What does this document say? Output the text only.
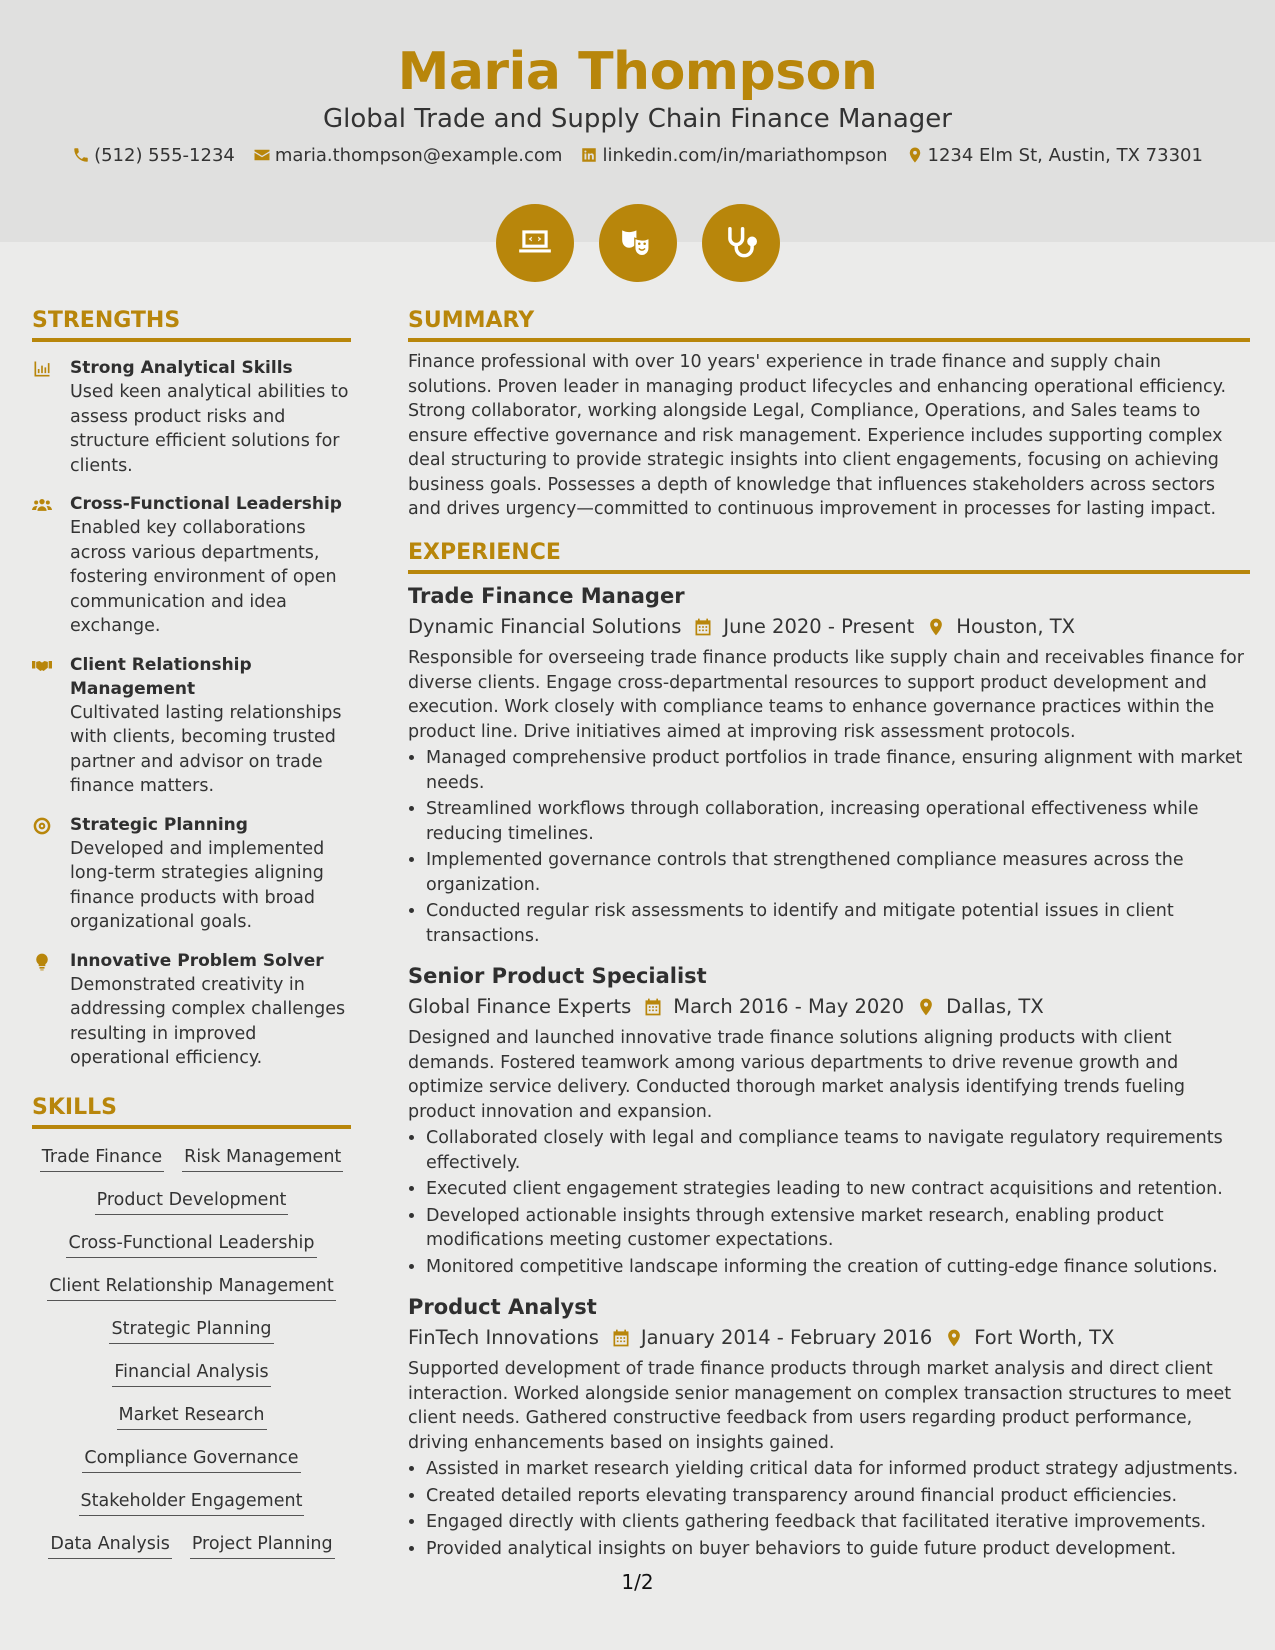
Maria Thompson
Global Trade and Supply Chain Finance Manager
(512) 555-1234 maria.thompson@example.com linkedin.com/in/mariathompson 1234 Elm St, Austin, TX 73301
STRENGTHS
Strong Analytical Skills
Used keen analytical abilities to assess product risks and structure efficient solutions for clients.
Cross-Functional Leadership
Enabled key collaborations across various departments, fostering environment of open communication and idea exchange.
Client Relationship Management
Cultivated lasting relationships with clients, becoming trusted partner and advisor on trade finance matters.
Strategic Planning
Developed and implemented long-term strategies aligning finance products with broad organizational goals.
Innovative Problem Solver
Demonstrated creativity in addressing complex challenges resulting in improved operational efficiency.
SKILLS
Trade Finance Risk Management
Product Development
Cross-Functional Leadership
Client Relationship Management
Strategic Planning
Financial Analysis
Market Research
Compliance Governance
Stakeholder Engagement
Data Analysis Project Planning
SUMMARY
Finance professional with over 10 years' experience in trade finance and supply chain solutions. Proven leader in managing product lifecycles and enhancing operational efficiency. Strong collaborator, working alongside Legal, Compliance, Operations, and Sales teams to ensure effective governance and risk management. Experience includes supporting complex deal structuring to provide strategic insights into client engagements, focusing on achieving business goals. Possesses a depth of knowledge that influences stakeholders across sectors and drives urgency—committed to continuous improvement in processes for lasting impact.
EXPERIENCE
Trade Finance Manager
Dynamic Financial Solutions June 2020 - Present Houston, TX
Responsible for overseeing trade finance products like supply chain and receivables finance for diverse clients. Engage cross-departmental resources to support product development and execution. Work closely with compliance teams to enhance governance practices within the product line. Drive initiatives aimed at improving risk assessment protocols.
• Managed comprehensive product portfolios in trade finance, ensuring alignment with market needs.
• Streamlined workflows through collaboration, increasing operational effectiveness while reducing timelines.
• Implemented governance controls that strengthened compliance measures across the organization.
• Conducted regular risk assessments to identify and mitigate potential issues in client transactions.
Senior Product Specialist
Global Finance Experts March 2016 - May 2020 Dallas, TX
Designed and launched innovative trade finance solutions aligning products with client demands. Fostered teamwork among various departments to drive revenue growth and optimize service delivery. Conducted thorough market analysis identifying trends fueling product innovation and expansion.
• Collaborated closely with legal and compliance teams to navigate regulatory requirements effectively.
• Executed client engagement strategies leading to new contract acquisitions and retention.
• Developed actionable insights through extensive market research, enabling product modifications meeting customer expectations.
• Monitored competitive landscape informing the creation of cutting-edge finance solutions.
Product Analyst
FinTech Innovations January 2014 - February 2016 Fort Worth, TX
Supported development of trade finance products through market analysis and direct client interaction. Worked alongside senior management on complex transaction structures to meet client needs. Gathered constructive feedback from users regarding product performance, driving enhancements based on insights gained.
• Assisted in market research yielding critical data for informed product strategy adjustments.
• Created detailed reports elevating transparency around financial product efficiencies.
• Engaged directly with clients gathering feedback that facilitated iterative improvements.
• Provided analytical insights on buyer behaviors to guide future product development.
1/2
